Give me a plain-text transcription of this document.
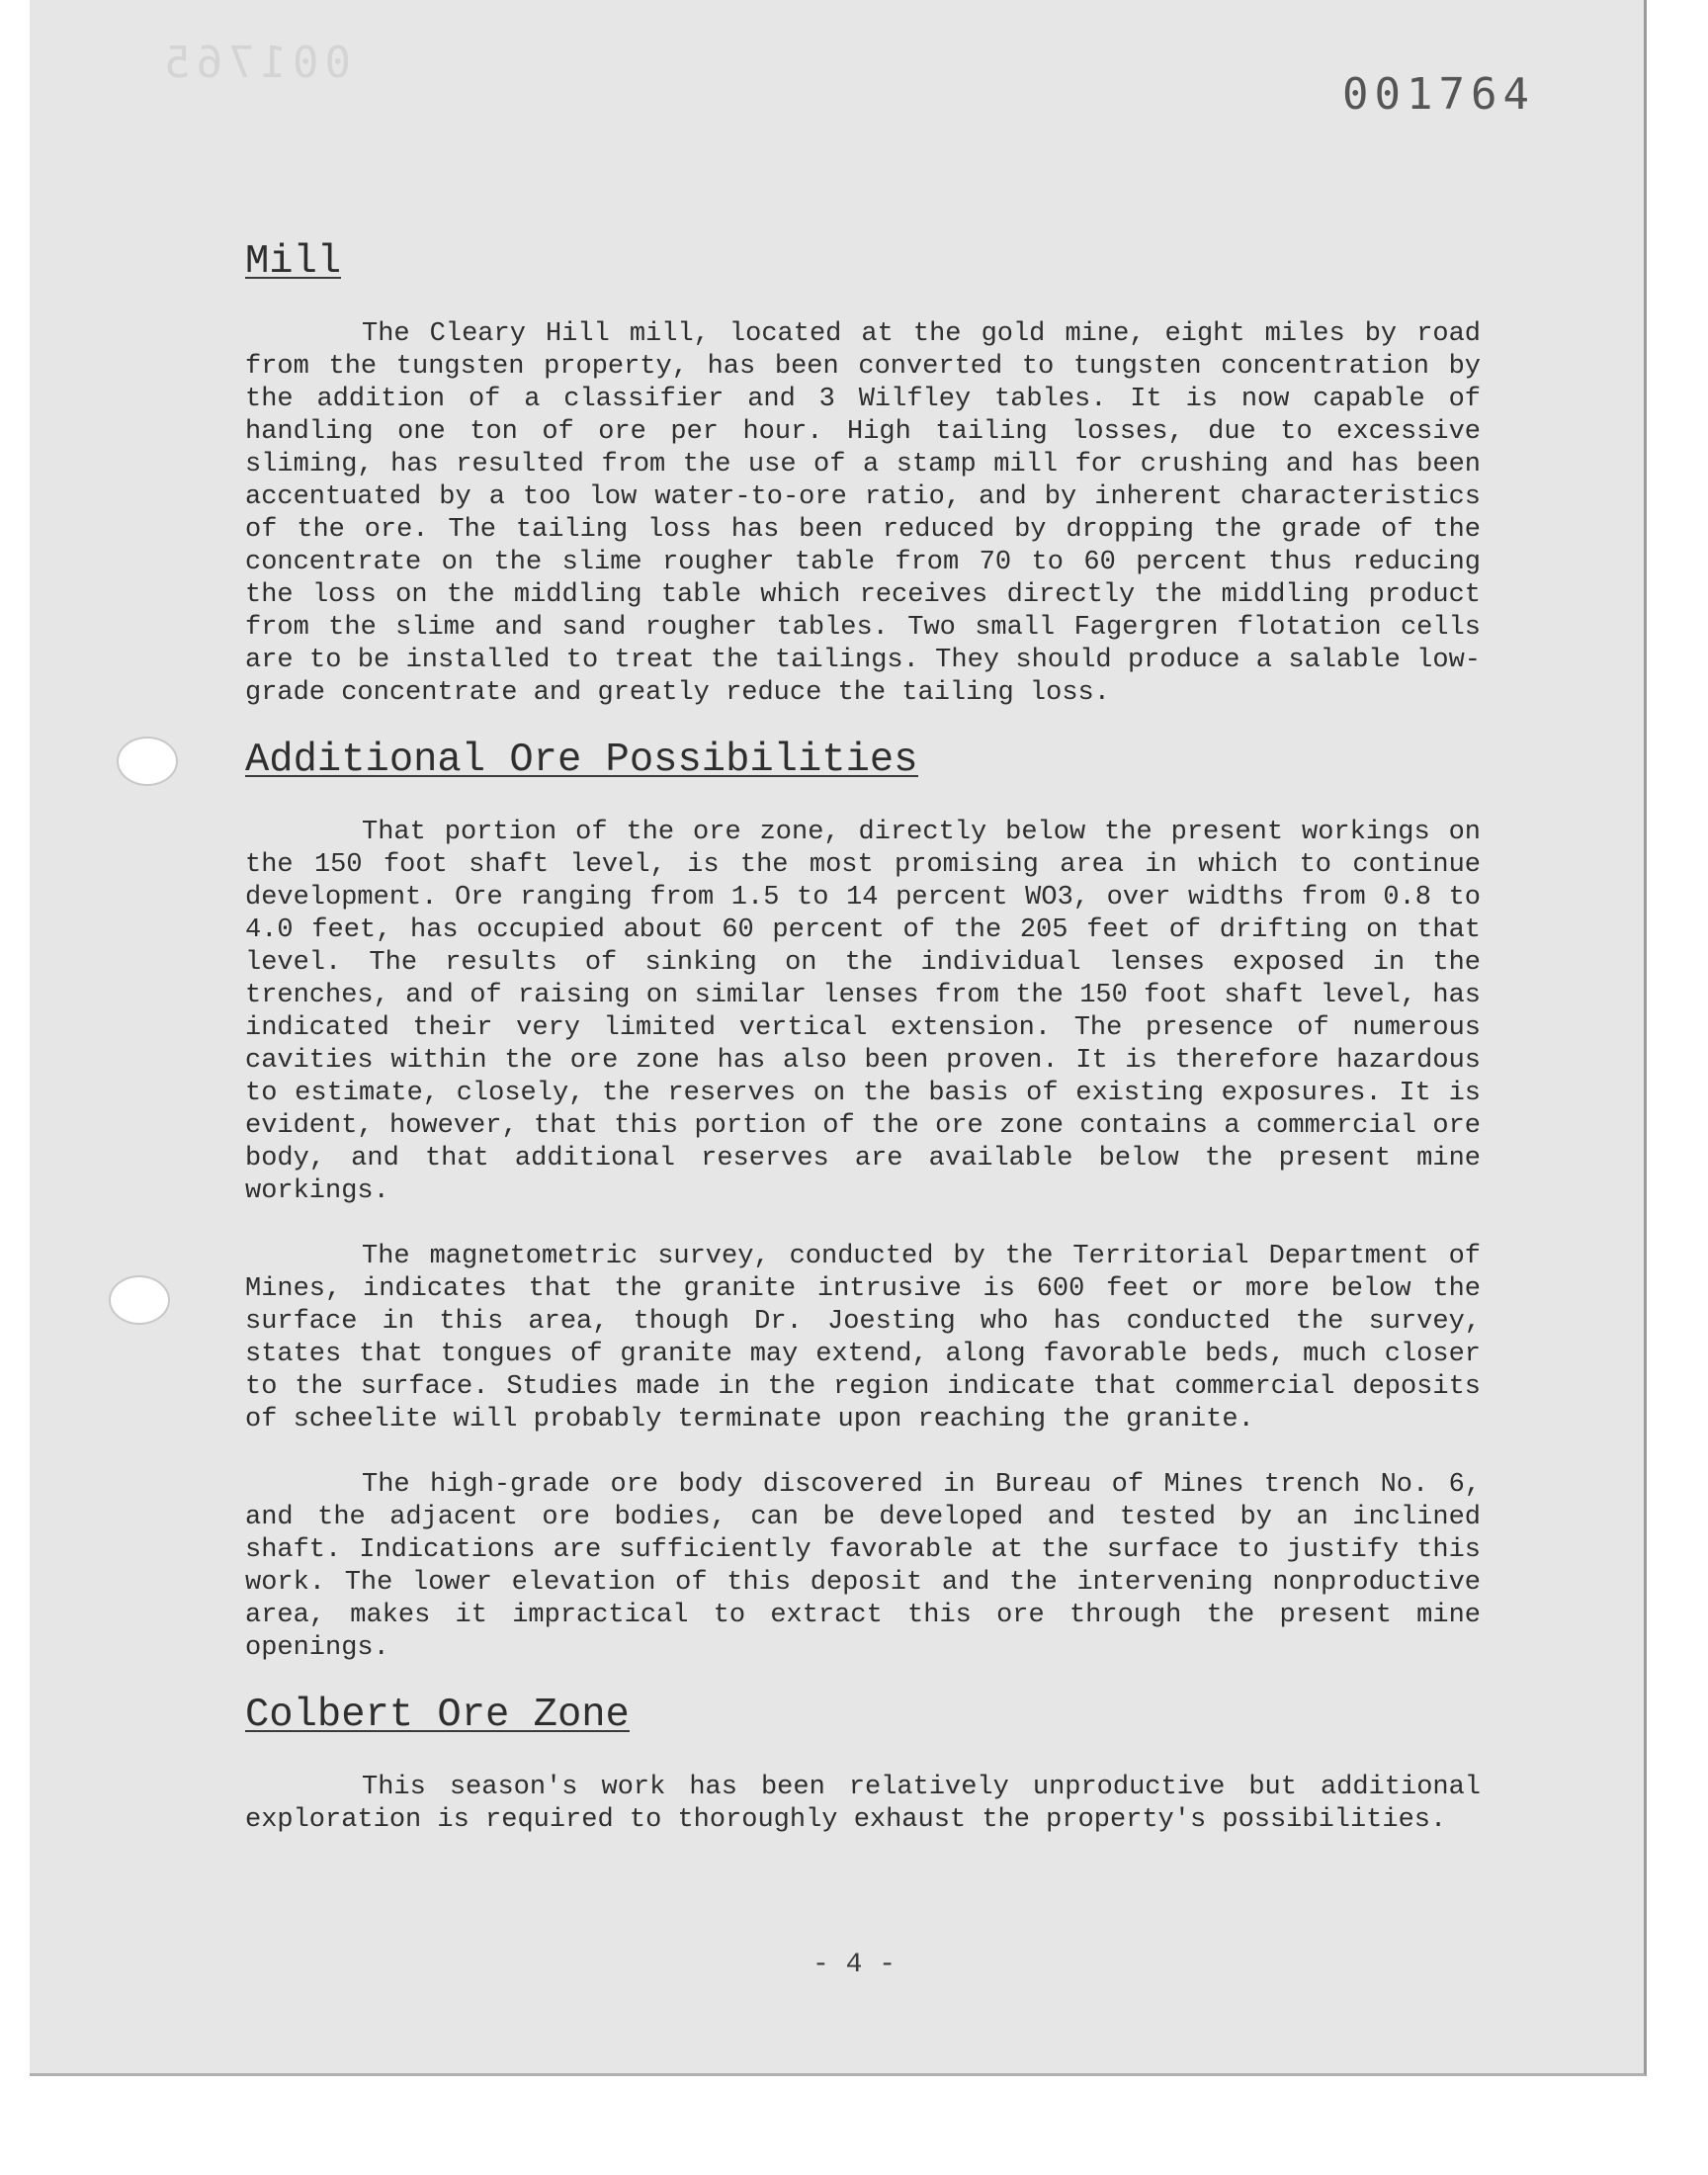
001765
001764
Mill

The Cleary Hill mill, located at the gold mine, eight miles by road from the tungsten property, has been converted to tungsten concentration by the addition of a classifier and 3 Wilfley tables. It is now capable of handling one ton of ore per hour. High tailing losses, due to excessive sliming, has resulted from the use of a stamp mill for crushing and has been accentuated by a too low water-to-ore ratio, and by inherent characteristics of the ore. The tailing loss has been reduced by dropping the grade of the concentrate on the slime rougher table from 70 to 60 percent thus reducing the loss on the middling table which receives directly the middling product from the slime and sand rougher tables. Two small Fagergren flotation cells are to be installed to treat the tailings. They should produce a salable low-grade concentrate and greatly reduce the tailing loss.

Additional Ore Possibilities

That portion of the ore zone, directly below the present workings on the 150 foot shaft level, is the most promising area in which to continue development. Ore ranging from 1.5 to 14 percent WO3, over widths from 0.8 to 4.0 feet, has occupied about 60 percent of the 205 feet of drifting on that level. The results of sinking on the individual lenses exposed in the trenches, and of raising on similar lenses from the 150 foot shaft level, has indicated their very limited vertical extension. The presence of numerous cavities within the ore zone has also been proven. It is therefore hazardous to estimate, closely, the reserves on the basis of existing exposures. It is evident, however, that this portion of the ore zone contains a commercial ore body, and that additional reserves are available below the present mine workings.

The magnetometric survey, conducted by the Territorial Department of Mines, indicates that the granite intrusive is 600 feet or more below the surface in this area, though Dr. Joesting who has conducted the survey, states that tongues of granite may extend, along favorable beds, much closer to the surface. Studies made in the region indicate that commercial deposits of scheelite will probably terminate upon reaching the granite.

The high-grade ore body discovered in Bureau of Mines trench No. 6, and the adjacent ore bodies, can be developed and tested by an inclined shaft. Indications are sufficiently favorable at the surface to justify this work. The lower elevation of this deposit and the intervening nonproductive area, makes it impractical to extract this ore through the present mine openings.

Colbert Ore Zone

This season's work has been relatively unproductive but additional exploration is required to thoroughly exhaust the property's possibilities.

- 4 -
